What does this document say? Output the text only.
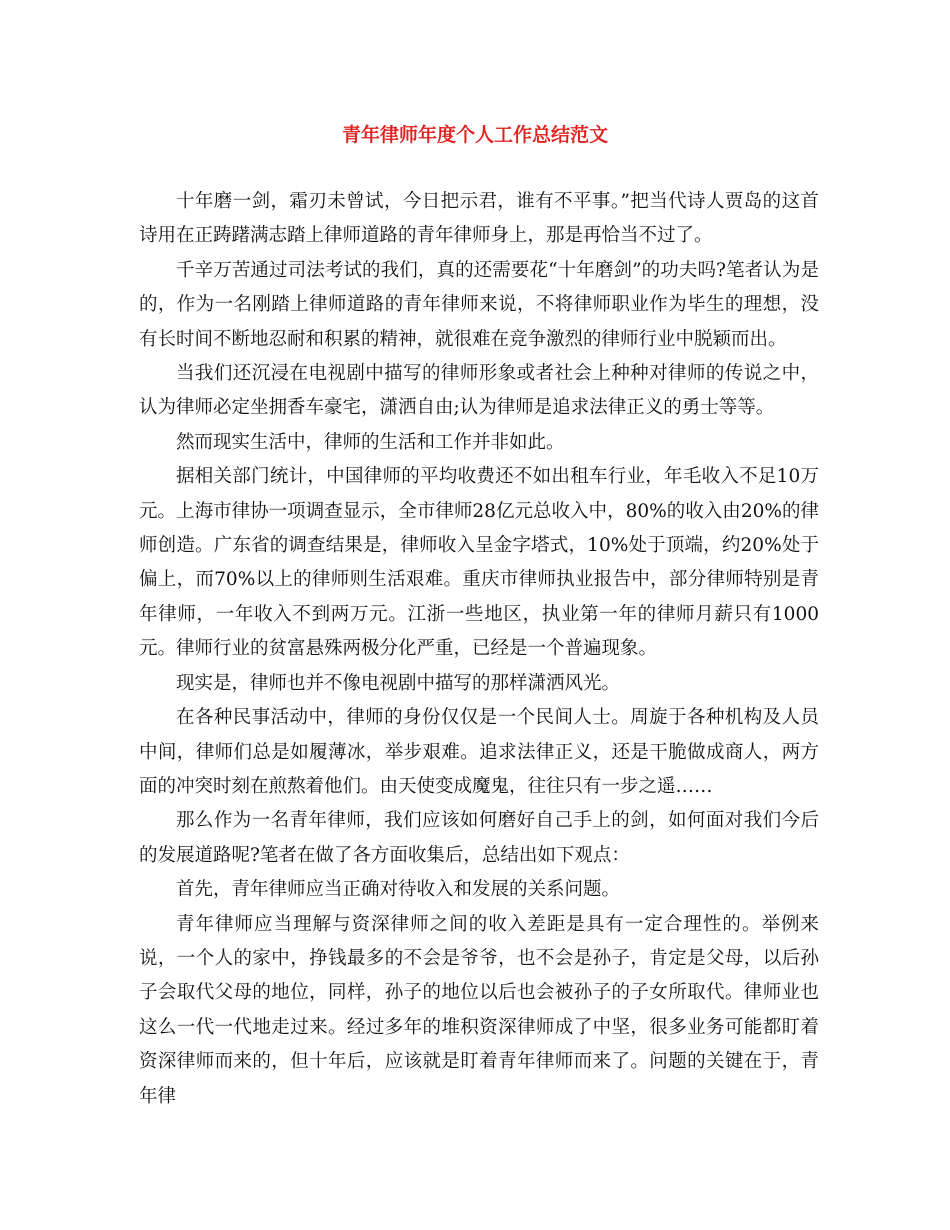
青年律师年度个人工作总结范文

十年磨一剑，霜刃未曾试，今日把示君，谁有不平事。”把当代诗人贾岛的这首诗用在正踌躇满志踏上律师道路的青年律师身上，那是再恰当不过了。

千辛万苦通过司法考试的我们，真的还需要花“十年磨剑”的功夫吗?笔者认为是的，作为一名刚踏上律师道路的青年律师来说，不将律师职业作为毕生的理想，没有长时间不断地忍耐和积累的精神，就很难在竞争激烈的律师行业中脱颖而出。

当我们还沉浸在电视剧中描写的律师形象或者社会上种种对律师的传说之中，认为律师必定坐拥香车豪宅，潇洒自由;认为律师是追求法律正义的勇士等等。

然而现实生活中，律师的生活和工作并非如此。

据相关部门统计，中国律师的平均收费还不如出租车行业，年毛收入不足10万元。上海市律协一项调查显示，全市律师28亿元总收入中，80%的收入由20%的律师创造。广东省的调查结果是，律师收入呈金字塔式，10%处于顶端，约20%处于偏上，而70%以上的律师则生活艰难。重庆市律师执业报告中，部分律师特别是青年律师，一年收入不到两万元。江浙一些地区，执业第一年的律师月薪只有1000元。律师行业的贫富悬殊两极分化严重，已经是一个普遍现象。

现实是，律师也并不像电视剧中描写的那样潇洒风光。

在各种民事活动中，律师的身份仅仅是一个民间人士。周旋于各种机构及人员中间，律师们总是如履薄冰，举步艰难。追求法律正义，还是干脆做成商人，两方面的冲突时刻在煎熬着他们。由天使变成魔鬼，往往只有一步之遥……

那么作为一名青年律师，我们应该如何磨好自己手上的剑，如何面对我们今后的发展道路呢?笔者在做了各方面收集后，总结出如下观点：

首先，青年律师应当正确对待收入和发展的关系问题。

青年律师应当理解与资深律师之间的收入差距是具有一定合理性的。举例来说，一个人的家中，挣钱最多的不会是爷爷，也不会是孙子，肯定是父母，以后孙子会取代父母的地位，同样，孙子的地位以后也会被孙子的子女所取代。律师业也这么一代一代地走过来。经过多年的堆积资深律师成了中坚，很多业务可能都盯着资深律师而来的，但十年后，应该就是盯着青年律师而来了。问题的关键在于，青年律
